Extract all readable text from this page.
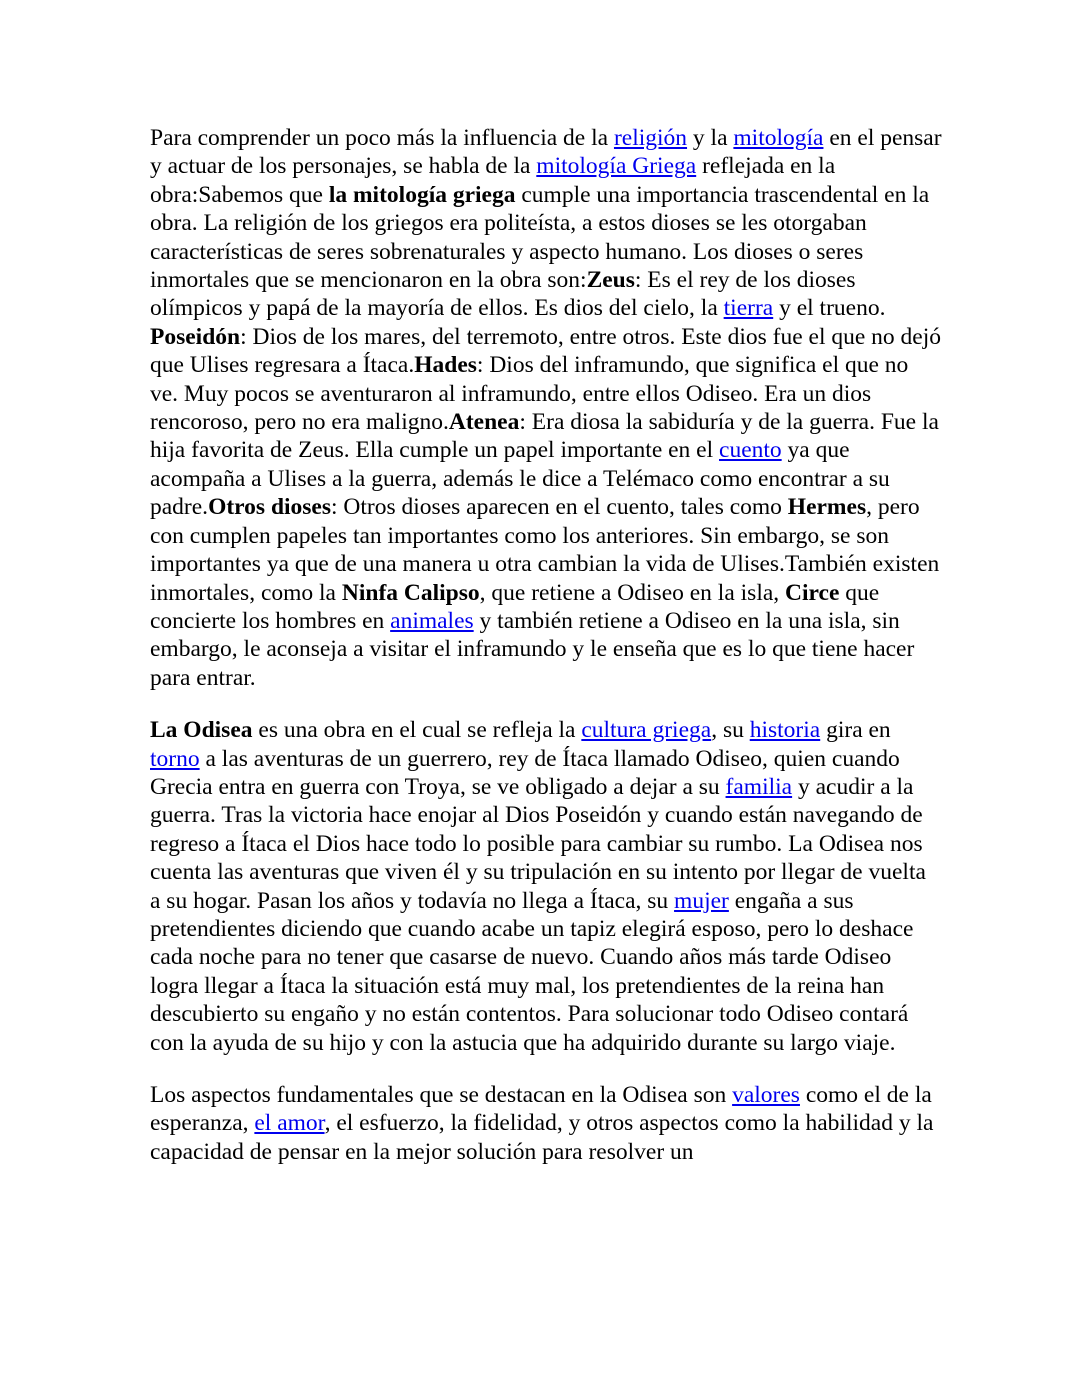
Para comprender un poco más la influencia de la religión y la mitología en el pensar y actuar de los personajes, se habla de la mitología Griega reflejada en la obra:Sabemos que la mitología griega cumple una importancia trascendental en la obra. La religión de los griegos era politeísta, a estos dioses se les otorgaban características de seres sobrenaturales y aspecto humano. Los dioses o seres inmortales que se mencionaron en la obra son:Zeus: Es el rey de los dioses olímpicos y papá de la mayoría de ellos. Es dios del cielo, la tierra y el trueno. Poseidón: Dios de los mares, del terremoto, entre otros. Este dios fue el que no dejó que Ulises regresara a Ítaca.Hades: Dios del inframundo, que significa el que no ve. Muy pocos se aventuraron al inframundo, entre ellos Odiseo. Era un dios rencoroso, pero no era maligno.Atenea: Era diosa la sabiduría y de la guerra. Fue la hija favorita de Zeus. Ella cumple un papel importante en el cuento ya que acompaña a Ulises a la guerra, además le dice a Telémaco como encontrar a su padre.Otros dioses: Otros dioses aparecen en el cuento, tales como Hermes, pero con cumplen papeles tan importantes como los anteriores. Sin embargo, se son importantes ya que de una manera u otra cambian la vida de Ulises.También existen inmortales, como la Ninfa Calipso, que retiene a Odiseo en la isla, Circe que concierte los hombres en animales y también retiene a Odiseo en la una isla, sin embargo, le aconseja a visitar el inframundo y le enseña que es lo que tiene hacer para entrar.

La Odisea es una obra en el cual se refleja la cultura griega, su historia gira en torno a las aventuras de un guerrero, rey de Ítaca llamado Odiseo, quien cuando Grecia entra en guerra con Troya, se ve obligado a dejar a su familia y acudir a la guerra. Tras la victoria hace enojar al Dios Poseidón y cuando están navegando de regreso a Ítaca el Dios hace todo lo posible para cambiar su rumbo. La Odisea nos cuenta las aventuras que viven él y su tripulación en su intento por llegar de vuelta a su hogar. Pasan los años y todavía no llega a Ítaca, su mujer engaña a sus pretendientes diciendo que cuando acabe un tapiz elegirá esposo, pero lo deshace cada noche para no tener que casarse de nuevo. Cuando años más tarde Odiseo logra llegar a Ítaca la situación está muy mal, los pretendientes de la reina han descubierto su engaño y no están contentos. Para solucionar todo Odiseo contará con la ayuda de su hijo y con la astucia que ha adquirido durante su largo viaje.

Los aspectos fundamentales que se destacan en la Odisea son valores como el de la esperanza, el amor, el esfuerzo, la fidelidad, y otros aspectos como la habilidad y la capacidad de pensar en la mejor solución para resolver un
